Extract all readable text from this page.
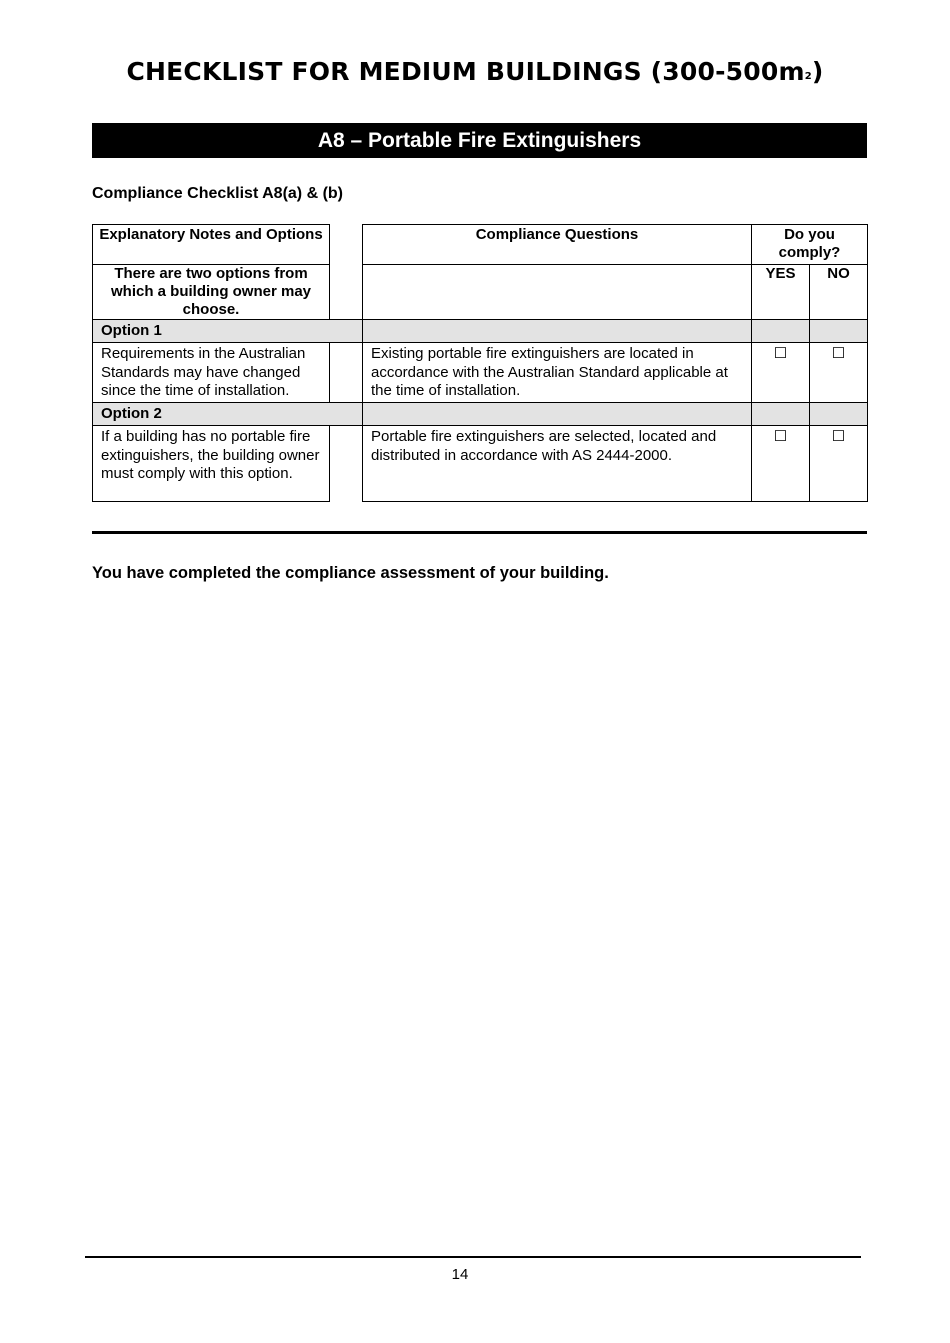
CHECKLIST FOR MEDIUM BUILDINGS (300-500m2)
A8 – Portable Fire Extinguishers
Compliance Checklist A8(a) & (b)
Explanatory Notes and Options		Compliance Questions	Do you comply?	
There are two options from which a building owner may choose.			YES	NO
Option 1				
Requirements in the Australian Standards may have changed since the time of installation.		Existing portable fire extinguishers are located in accordance with the Australian Standard applicable at the time of installation.	☐	☐
Option 2				
If a building has no portable fire extinguishers, the building owner must comply with this option.		Portable fire extinguishers are selected, located and distributed in accordance with AS 2444-2000.	☐	☐
You have completed the compliance assessment of your building.
14
